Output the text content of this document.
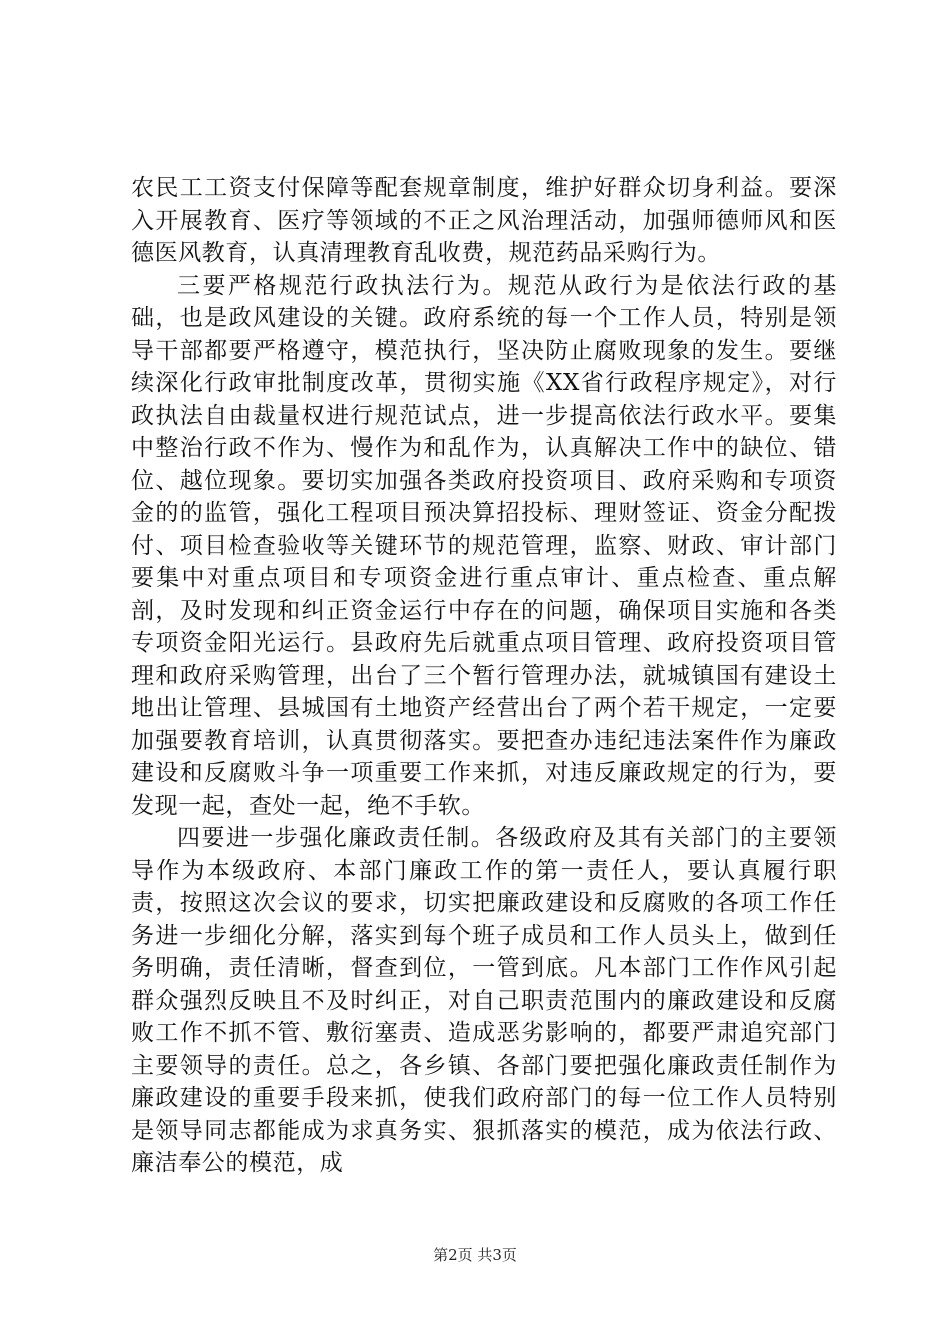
农民工工资支付保障等配套规章制度，维护好群众切身利益。要深入开展教育、医疗等领域的不正之风治理活动，加强师德师风和医德医风教育，认真清理教育乱收费，规范药品采购行为。

三要严格规范行政执法行为。规范从政行为是依法行政的基础，也是政风建设的关键。政府系统的每一个工作人员，特别是领导干部都要严格遵守，模范执行，坚决防止腐败现象的发生。要继续深化行政审批制度改革，贯彻实施《XX省行政程序规定》，对行政执法自由裁量权进行规范试点，进一步提高依法行政水平。要集中整治行政不作为、慢作为和乱作为，认真解决工作中的缺位、错位、越位现象。要切实加强各类政府投资项目、政府采购和专项资金的的监管，强化工程项目预决算招投标、理财签证、资金分配拨付、项目检查验收等关键环节的规范管理，监察、财政、审计部门要集中对重点项目和专项资金进行重点审计、重点检查、重点解剖，及时发现和纠正资金运行中存在的问题，确保项目实施和各类专项资金阳光运行。县政府先后就重点项目管理、政府投资项目管理和政府采购管理，出台了三个暂行管理办法，就城镇国有建设土地出让管理、县城国有土地资产经营出台了两个若干规定，一定要加强要教育培训，认真贯彻落实。要把查办违纪违法案件作为廉政建设和反腐败斗争一项重要工作来抓，对违反廉政规定的行为，要发现一起，查处一起，绝不手软。

四要进一步强化廉政责任制。各级政府及其有关部门的主要领导作为本级政府、本部门廉政工作的第一责任人，要认真履行职责，按照这次会议的要求，切实把廉政建设和反腐败的各项工作任务进一步细化分解，落实到每个班子成员和工作人员头上，做到任务明确，责任清晰，督查到位，一管到底。凡本部门工作作风引起群众强烈反映且不及时纠正，对自己职责范围内的廉政建设和反腐败工作不抓不管、敷衍塞责、造成恶劣影响的，都要严肃追究部门主要领导的责任。总之，各乡镇、各部门要把强化廉政责任制作为廉政建设的重要手段来抓，使我们政府部门的每一位工作人员特别是领导同志都能成为求真务实、狠抓落实的模范，成为依法行政、廉洁奉公的模范，成

第2页 共3页
